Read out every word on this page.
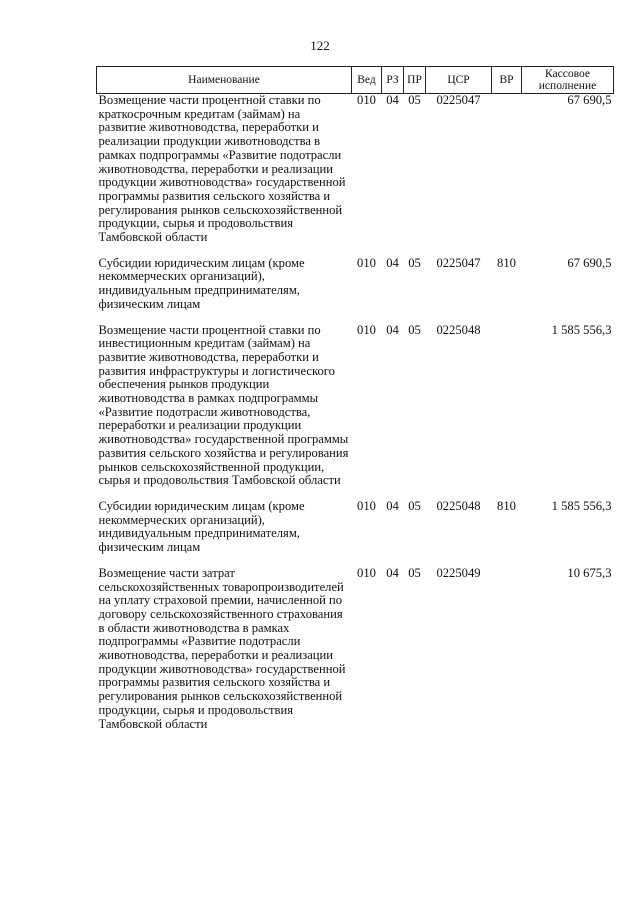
122
Наименование	Вед	РЗ	ПР	ЦСР	ВР	Кассовое исполнение
Возмещение части процентной ставки по краткосрочным кредитам (займам) на развитие животноводства, переработки и реализации продукции животноводства в рамках подпрограммы «Развитие подотрасли животноводства, переработки и реализации продукции животноводства» государственной программы развития сельского хозяйства и регулирования рынков сельскохозяйственной продукции, сырья и продовольствия Тамбовской области	010	04	05	0225047		67 690,5
Субсидии юридическим лицам (кроме некоммерческих организаций), индивидуальным предпринимателям, физическим лицам	010	04	05	0225047	810	67 690,5
Возмещение части процентной ставки по инвестиционным кредитам (займам) на развитие животноводства, переработки и развития инфраструктуры и логистического обеспечения рынков продукции животноводства в рамках подпрограммы «Развитие подотрасли животноводства, переработки и реализации продукции животноводства» государственной программы развития сельского хозяйства и регулирования рынков сельскохозяйственной продукции, сырья и продовольствия Тамбовской области	010	04	05	0225048		1 585 556,3
Субсидии юридическим лицам (кроме некоммерческих организаций), индивидуальным предпринимателям, физическим лицам	010	04	05	0225048	810	1 585 556,3
Возмещение части затрат сельскохозяйственных товаропроизводителей на уплату страховой премии, начисленной по договору сельскохозяйственного страхования в области животноводства в рамках подпрограммы «Развитие подотрасли животноводства, переработки и реализации продукции животноводства» государственной программы развития сельского хозяйства и регулирования рынков сельскохозяйственной продукции, сырья и продовольствия Тамбовской области	010	04	05	0225049		10 675,3
